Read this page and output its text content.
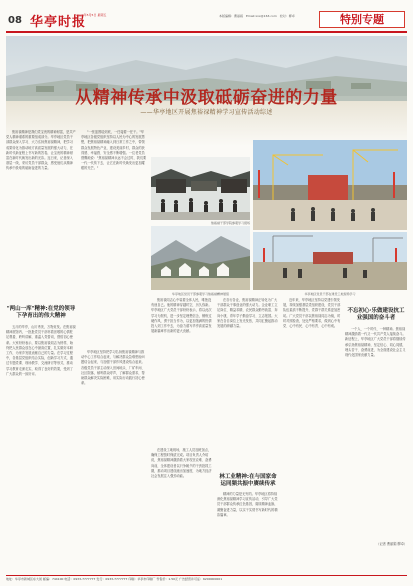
08 华亭时报
2023年5月5日 星期五	本版编辑：曹丽娟　Email:xxx@163.com　校对：柳卓	特别专题
从精神传承中汲取砥砺奋进的力量
——华亭地区开展焦裕禄精神学习宣传活动综述
焦裕禄精神是我们党宝贵的精神财富，是共产党人精神谱系的重要组成部分。华亭地区党员干部群众深入学习、大力弘扬焦裕禄精神，把学习成果转化为推动地方高质量发展的强大动力，在新时代新征程上书写新的答卷，让宝贵的精神财富在新时代焕发出新的光彩。连日来，记者深入基层一线，采访党员干部群众，感受他们从精神传承中汲取的砥砺奋进的力量。
"两山一库"精神:在党的领导下孕育出的伟大精神
五月的华亭，山川秀美，万物竞发。在焦裕禄精神展馆内，一批批党员干部怀着崇敬的心情驻足观看，聆听讲解，重温入党誓词，感悟初心使命。大家纷纷表示，要以焦裕禄同志为榜样，始终把人民群众放在心中最高位置，扎实做好本职工作，为家乡发展贡献自己的力量。在学习过程中，各基层党组织结合实际，创新学习方式，通过专题党课、现场教学、交流研讨等形式，推动学习教育走深走实，取得了良好的效果，受到了广大群众的一致好评。
"一张蓝图绘到底，一任接着一任干。"华亭地区各级党组织坚持以人民为中心的发展思想，把焦裕禄精神融入到日常工作之中，带领群众发展特色产业，建设美丽乡村，群众的获得感、幸福感、安全感不断增强。一位老党员感慨地说："焦裕禄精神永远不会过时，我们要一代一代传下去，让它在新时代焕发出更加耀眼的光芒。"
华亭地区坚持把学习弘扬焦裕禄精神与推动中心工作结合起来，与解决群众急难愁盼问题结合起来，与加强干部作风建设结合起来。各级党员干部主动深入田间地头、厂矿车间、社区院落，倾听群众呼声，了解群众需求，帮助群众解决实际困难，用实际行动践行初心使命。
焦裕禄干部学院参观学习现场
华亭地区党员干部参观学习焦裕禄精神展馆	华亭地区党员干部在建设工地现场学习
焦裕禄同志心中装着全体人民，唯独没有他自己。他的精神穿越时空，历久弥新。华亭地区广大党员干部纷纷表示，将以此次学习为契机，进一步坚定理想信念，锤炼过硬作风，勇于担当作为，以更加饱满的热情投入到工作中去，为奋力谱写华亭高质量发展新篇章作出新的更大贡献。
在建设工地现场，施工人员加班加点，确保工程按时保质完成。项目负责人介绍说，焦裕禄精神激励着大家攻坚克难、奋勇向前，全体建设者以只争朝夕的干劲抢抓工期，推动项目建设跑出加速度，为地方经济社会发展注入强劲动能。
在各行各业，焦裕禄精神正转化为广大干部群众干事创业的强大动力。企业职工立足岗位、精益求精，农民群众勤劳致富、奔向小康，青年学子勤奋学习、立志报国。大家在各自岗位上发光发热，共同汇聚起推动发展的磅礴力量。
林工业精神:在与国家命运同频共振中赓续传承
精神的力量是无穷的。华亭地区将持续深化焦裕禄精神学习宣传活动，引导广大党员干部群众传承红色基因，赓续精神血脉，凝聚奋进力量，以实干实绩书写新时代的精彩篇章。
近年来，华亭地区坚持以党建引领发展，持续加强基层党组织建设，党员干部队伍素质不断提升，党群干群关系更加密切。广大党员干部以焦裕禄同志为镜，时时对照检查，处处严格要求，做到心中有党、心中有民、心中有责、心中有戒。
不忘初心·乐做建设抗工业强国的奋斗者
一个人、一个时代、一种精神。焦裕禄精神激励着一代又一代共产党人接续奋斗。新征程上，华亭地区广大党员干部将继续传承弘扬焦裕禄精神，坚定信心、同心同德，埋头苦干、奋勇前进，为全面建设社会主义现代化国家贡献力量。
（记者 曹丽娟 柳卓）
地址：华亭市新城区东大街 邮编：744100 电话：0933-7777777 发行：0933-7777777 印刷：华亭市印刷厂 零售价：1.50元 广告经营许可证：6200000001
